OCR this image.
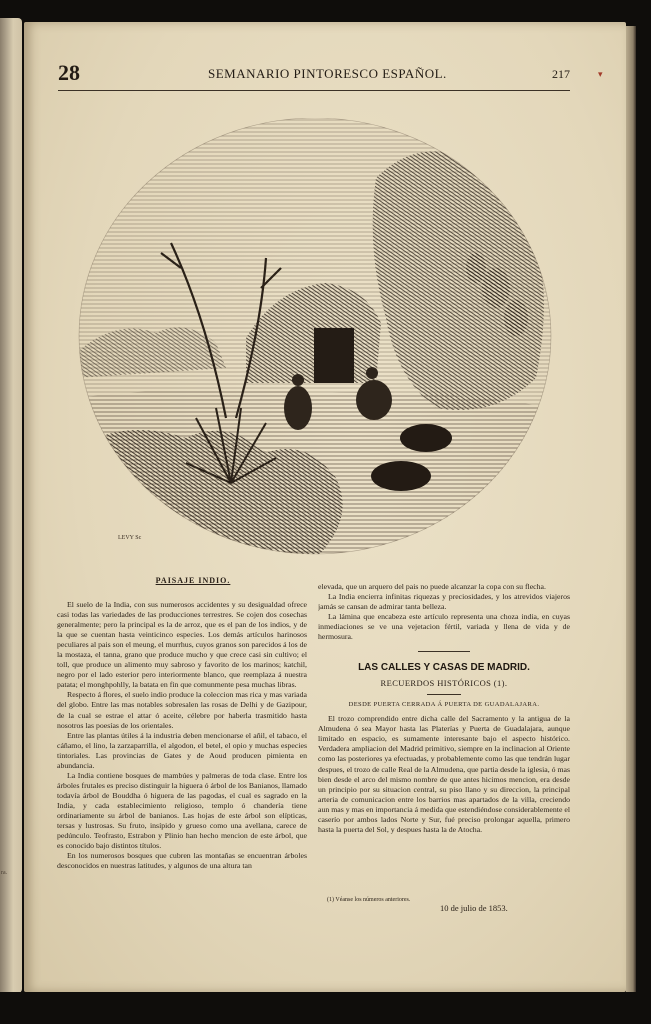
ra.
▾
28	SEMANARIO PINTORESCO ESPAÑOL.	217
LEVY Sc
PAISAJE INDIO.

El suelo de la India, con sus numerosos accidentes y su desigualdad ofrece casi todas las variedades de las producciones terrestres. Se cojen dos cosechas generalmente; pero la principal es la de arroz, que es el pan de los indios, y de la que se cuentan hasta veinticinco especies. Los demás artículos harinosos peculiares al pais son el meung, el murrhus, cuyos granos son parecidos á los de la mostaza, el tanna, grano que produce mucho y que crece casi sin cultivo; el toll, que produce un alimento muy sabroso y favorito de los marinos; katchil, negro por el lado esterior pero interiormente blanco, que reemplaza á nuestra patata; el monghpohlly, la batata en fin que comunmente pesa muchas libras.

Respecto á flores, el suelo indio produce la coleccion mas rica y mas variada del globo. Entre las mas notables sobresalen las rosas de Delhi y de Gazipour, de la cual se estrae el attar ó aceite, célebre por haberla trasmitido hasta nosotros las poesías de los orientales.

Entre las plantas útiles á la industria deben mencionarse el añil, el tabaco, el cáñamo, el lino, la zarzaparrilla, el algodon, el betel, el opio y muchas especies tintoriales. Las provincias de Gates y de Aoud producen pimienta en abundancia.

La India contiene bosques de mambúes y palmeras de toda clase. Entre los árboles frutales es preciso distinguir la higuera ó árbol de los Banianos, llamado todavía árbol de Bouddha ó higuera de las pagodas, el cual es sagrado en la India, y cada establecimiento religioso, templo ó chandería tiene ordinariamente su árbol de banianos. Las hojas de este árbol son elípticas, tersas y lustrosas. Su fruto, insípido y grueso como una avellana, carece de pedúnculo. Teofrasto, Estrabon y Plinio han hecho mencion de este árbol, que es conocido bajo distintos títulos.

En los numerosos bosques que cubren las montañas se encuentran árboles desconocidos en nuestras latitudes, y algunos de una altura tan

elevada, que un arquero del pais no puede alcanzar la copa con su flecha.

La India encierra infinitas riquezas y preciosidades, y los atrevidos viajeros jamás se cansan de admirar tanta belleza.

La lámina que encabeza este artículo representa una choza india, en cuyas inmediaciones se ve una vejetacion fértil, variada y llena de vida y de hermosura.

LAS CALLES Y CASAS DE MADRID.

RECUERDOS HISTÓRICOS (1).

DESDE PUERTA CERRADA Á PUERTA DE GUADALAJARA.

El trozo comprendido entre dicha calle del Sacramento y la antigua de la Almudena ó sea Mayor hasta las Platerías y Puerta de Guadalajara, aunque limitado en espacio, es sumamente interesante bajo el aspecto histórico. Verdadera ampliacion del Madrid primitivo, siempre en la inclinacion al Oriente como las posteriores ya efectuadas, y probablemente como las que tendrán lugar despues, el trozo de calle Real de la Almudena, que partia desde la iglesia, ó mas bien desde el arco del mismo nombre de que antes hicimos mencion, era desde un principio por su situacion central, su piso llano y su direccion, la principal arteria de comunicacion entre los barrios mas apartados de la villa, creciendo aun mas y mas en importancia á medida que estendiéndose considerablemente el caserío por ambos lados Norte y Sur, fué preciso prolongar aquella, primero hasta la puerta del Sol, y despues hasta la de Atocha.

(1) Véanse los números anteriores.
10 de julio de 1853.
